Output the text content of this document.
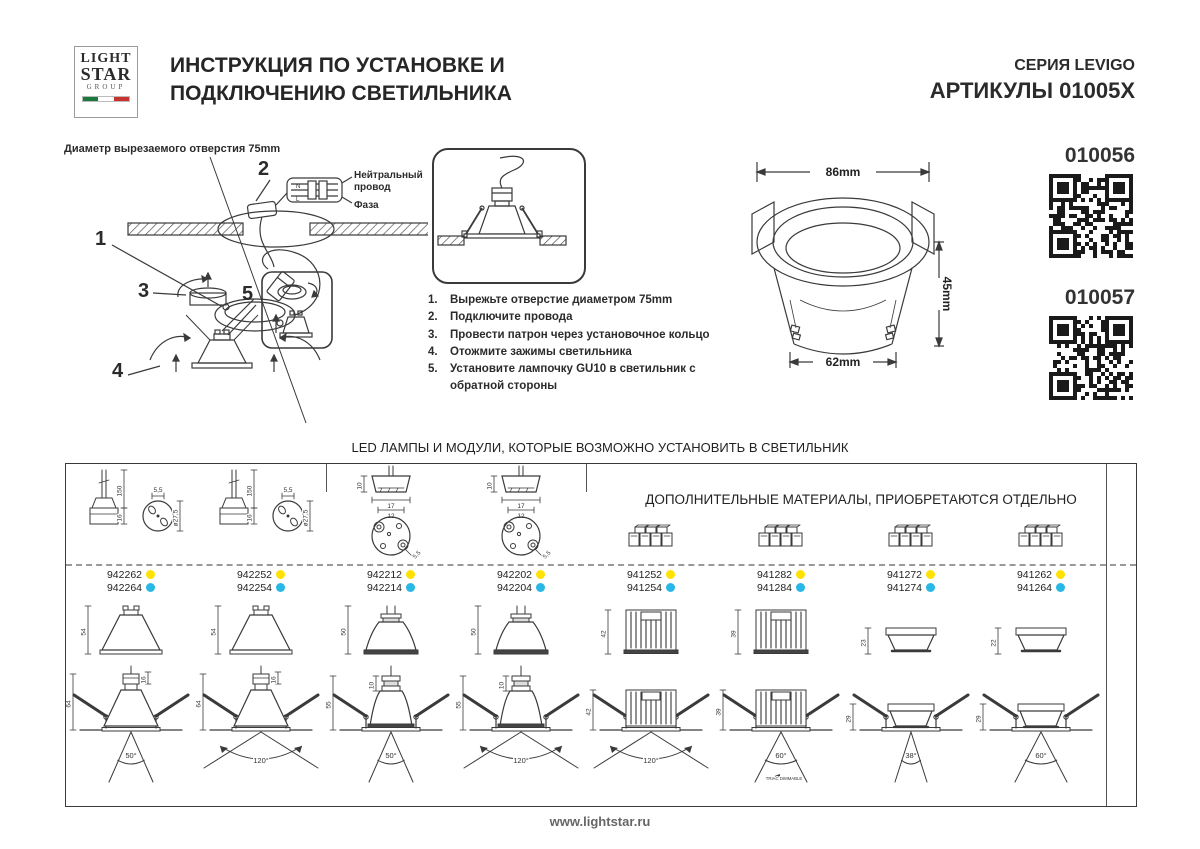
LIGHT
STAR
GROUP
ИНСТРУКЦИЯ ПО УСТАНОВКЕ И
ПОДКЛЮЧЕНИЮ СВЕТИЛЬНИКА
СЕРИЯ LEVIGO
АРТИКУЛЫ 01005X
N
L
Диаметр вырезаемого отверстия 75mm
Нейтральный провод
Фаза
1
2
3
4
5	Вырежьте отверстие диаметром 75mm
Подключите провода
Провести патрон через установочное кольцо
Отожмите зажимы светильника
Установите лампочку GU10 в светильник с обратной стороны
86mm
45mm
62mm
010056
010057
LED ЛАМПЫ И МОДУЛИ, КОТОРЫЕ ВОЗМОЖНО УСТАНОВИТЬ В СВЕТИЛЬНИК
ДОПОЛНИТЕЛЬНЫЕ МАТЕРИАЛЫ, ПРИОБРЕТАЮТСЯ ОТДЕЛЬНО
150
16
5,5
ø27,5
942262
942264
54
16
64
50°
150
16
5,5
ø27,5
942252
942254
54
16
64
120°
10
17
12
5,5
942212
942214
50
10
55
50°
10
17
12
5,5
942202
942204
50
10
55
120°
941252
941254
42
42
120°
941282
941284
39
39
60°
TRIAC DIMMABLE
941272
941274
23
29
38°
941262
941264
22
29
60°
www.lightstar.ru
